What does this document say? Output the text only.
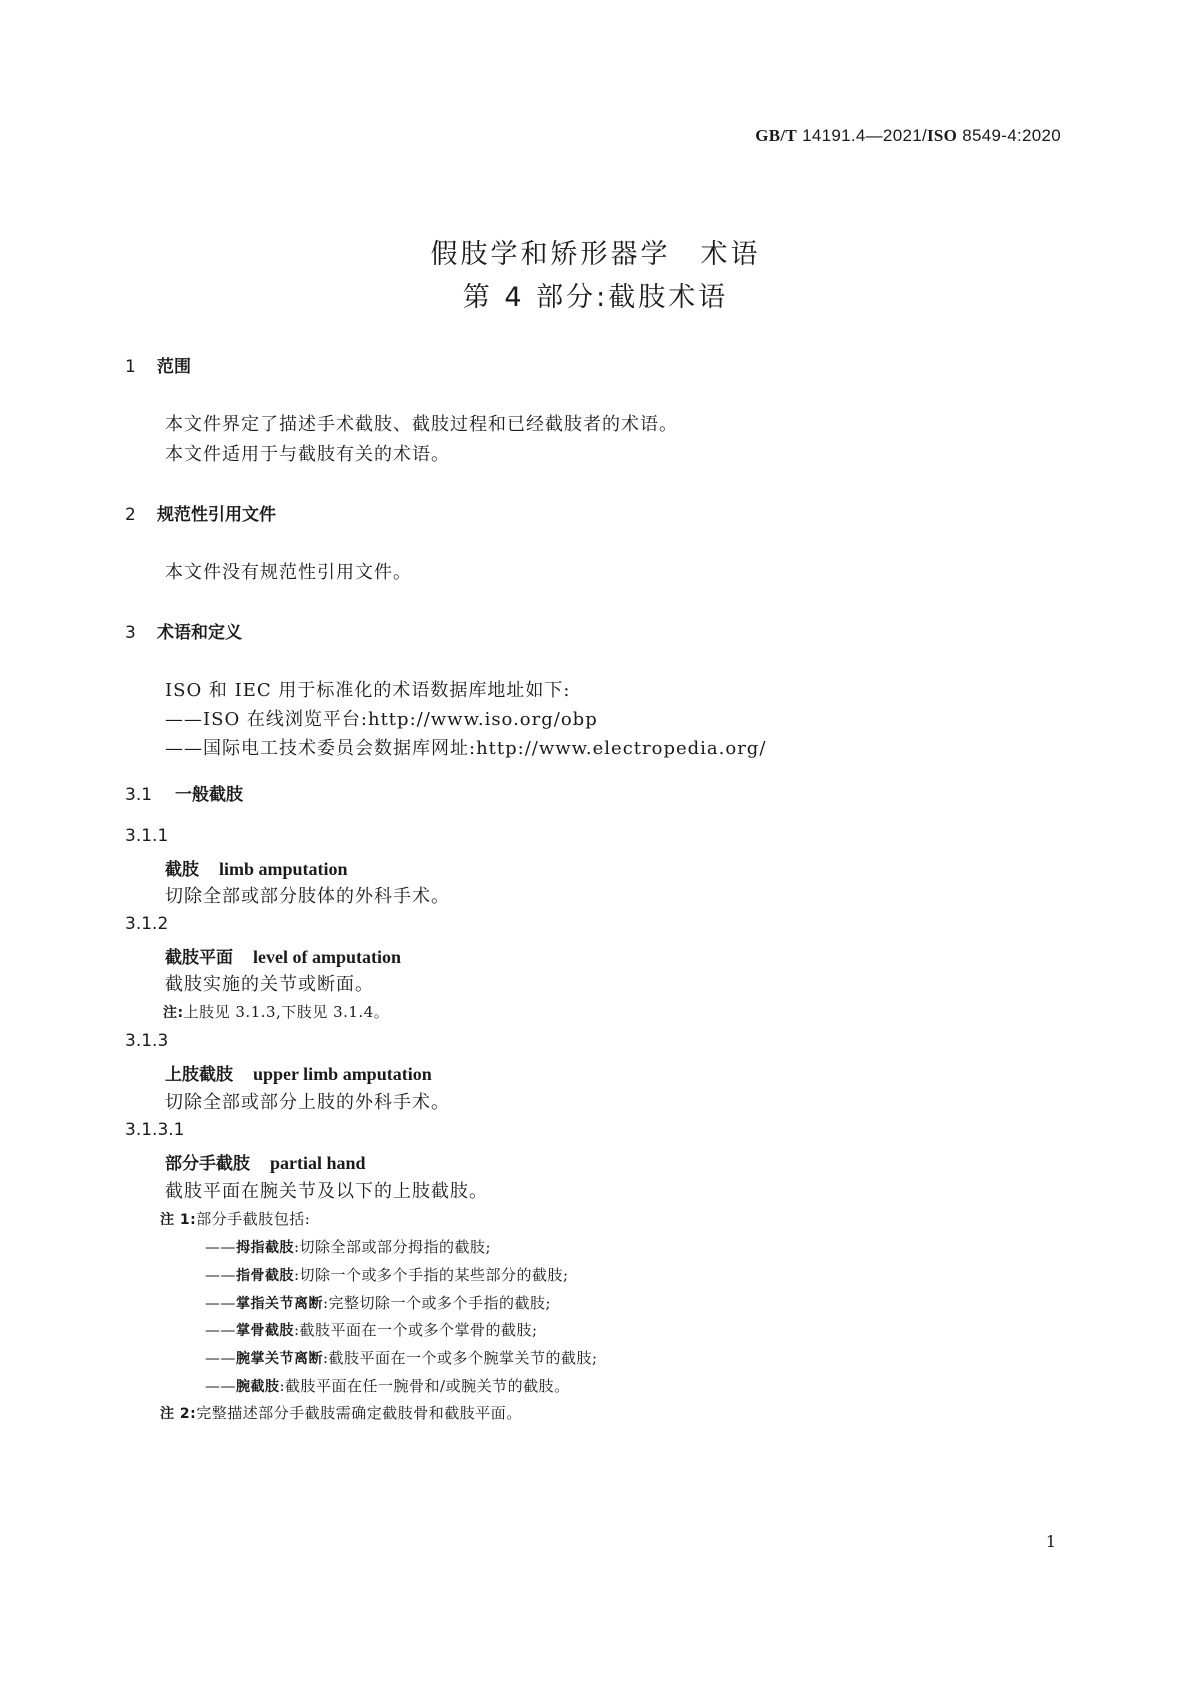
GB/T 14191.4—2021/ISO 8549-4:2020
假肢学和矫形器学　术语
第 4 部分:截肢术语
1 范围
本文件界定了描述手术截肢、截肢过程和已经截肢者的术语。
本文件适用于与截肢有关的术语。
2 规范性引用文件
本文件没有规范性引用文件。
3 术语和定义
ISO 和 IEC 用于标准化的术语数据库地址如下:
——ISO 在线浏览平台:http://www.iso.org/obp
——国际电工技术委员会数据库网址:http://www.electropedia.org/
3.1 一般截肢
3.1.1
截肢 limb amputation
切除全部或部分肢体的外科手术。
3.1.2
截肢平面 level of amputation
截肢实施的关节或断面。
注:上肢见 3.1.3,下肢见 3.1.4。
3.1.3
上肢截肢 upper limb amputation
切除全部或部分上肢的外科手术。
3.1.3.1
部分手截肢 partial hand
截肢平面在腕关节及以下的上肢截肢。
注 1:部分手截肢包括:
——拇指截肢:切除全部或部分拇指的截肢;
——指骨截肢:切除一个或多个手指的某些部分的截肢;
——掌指关节离断:完整切除一个或多个手指的截肢;
——掌骨截肢:截肢平面在一个或多个掌骨的截肢;
——腕掌关节离断:截肢平面在一个或多个腕掌关节的截肢;
——腕截肢:截肢平面在任一腕骨和/或腕关节的截肢。
注 2:完整描述部分手截肢需确定截肢骨和截肢平面。
1
